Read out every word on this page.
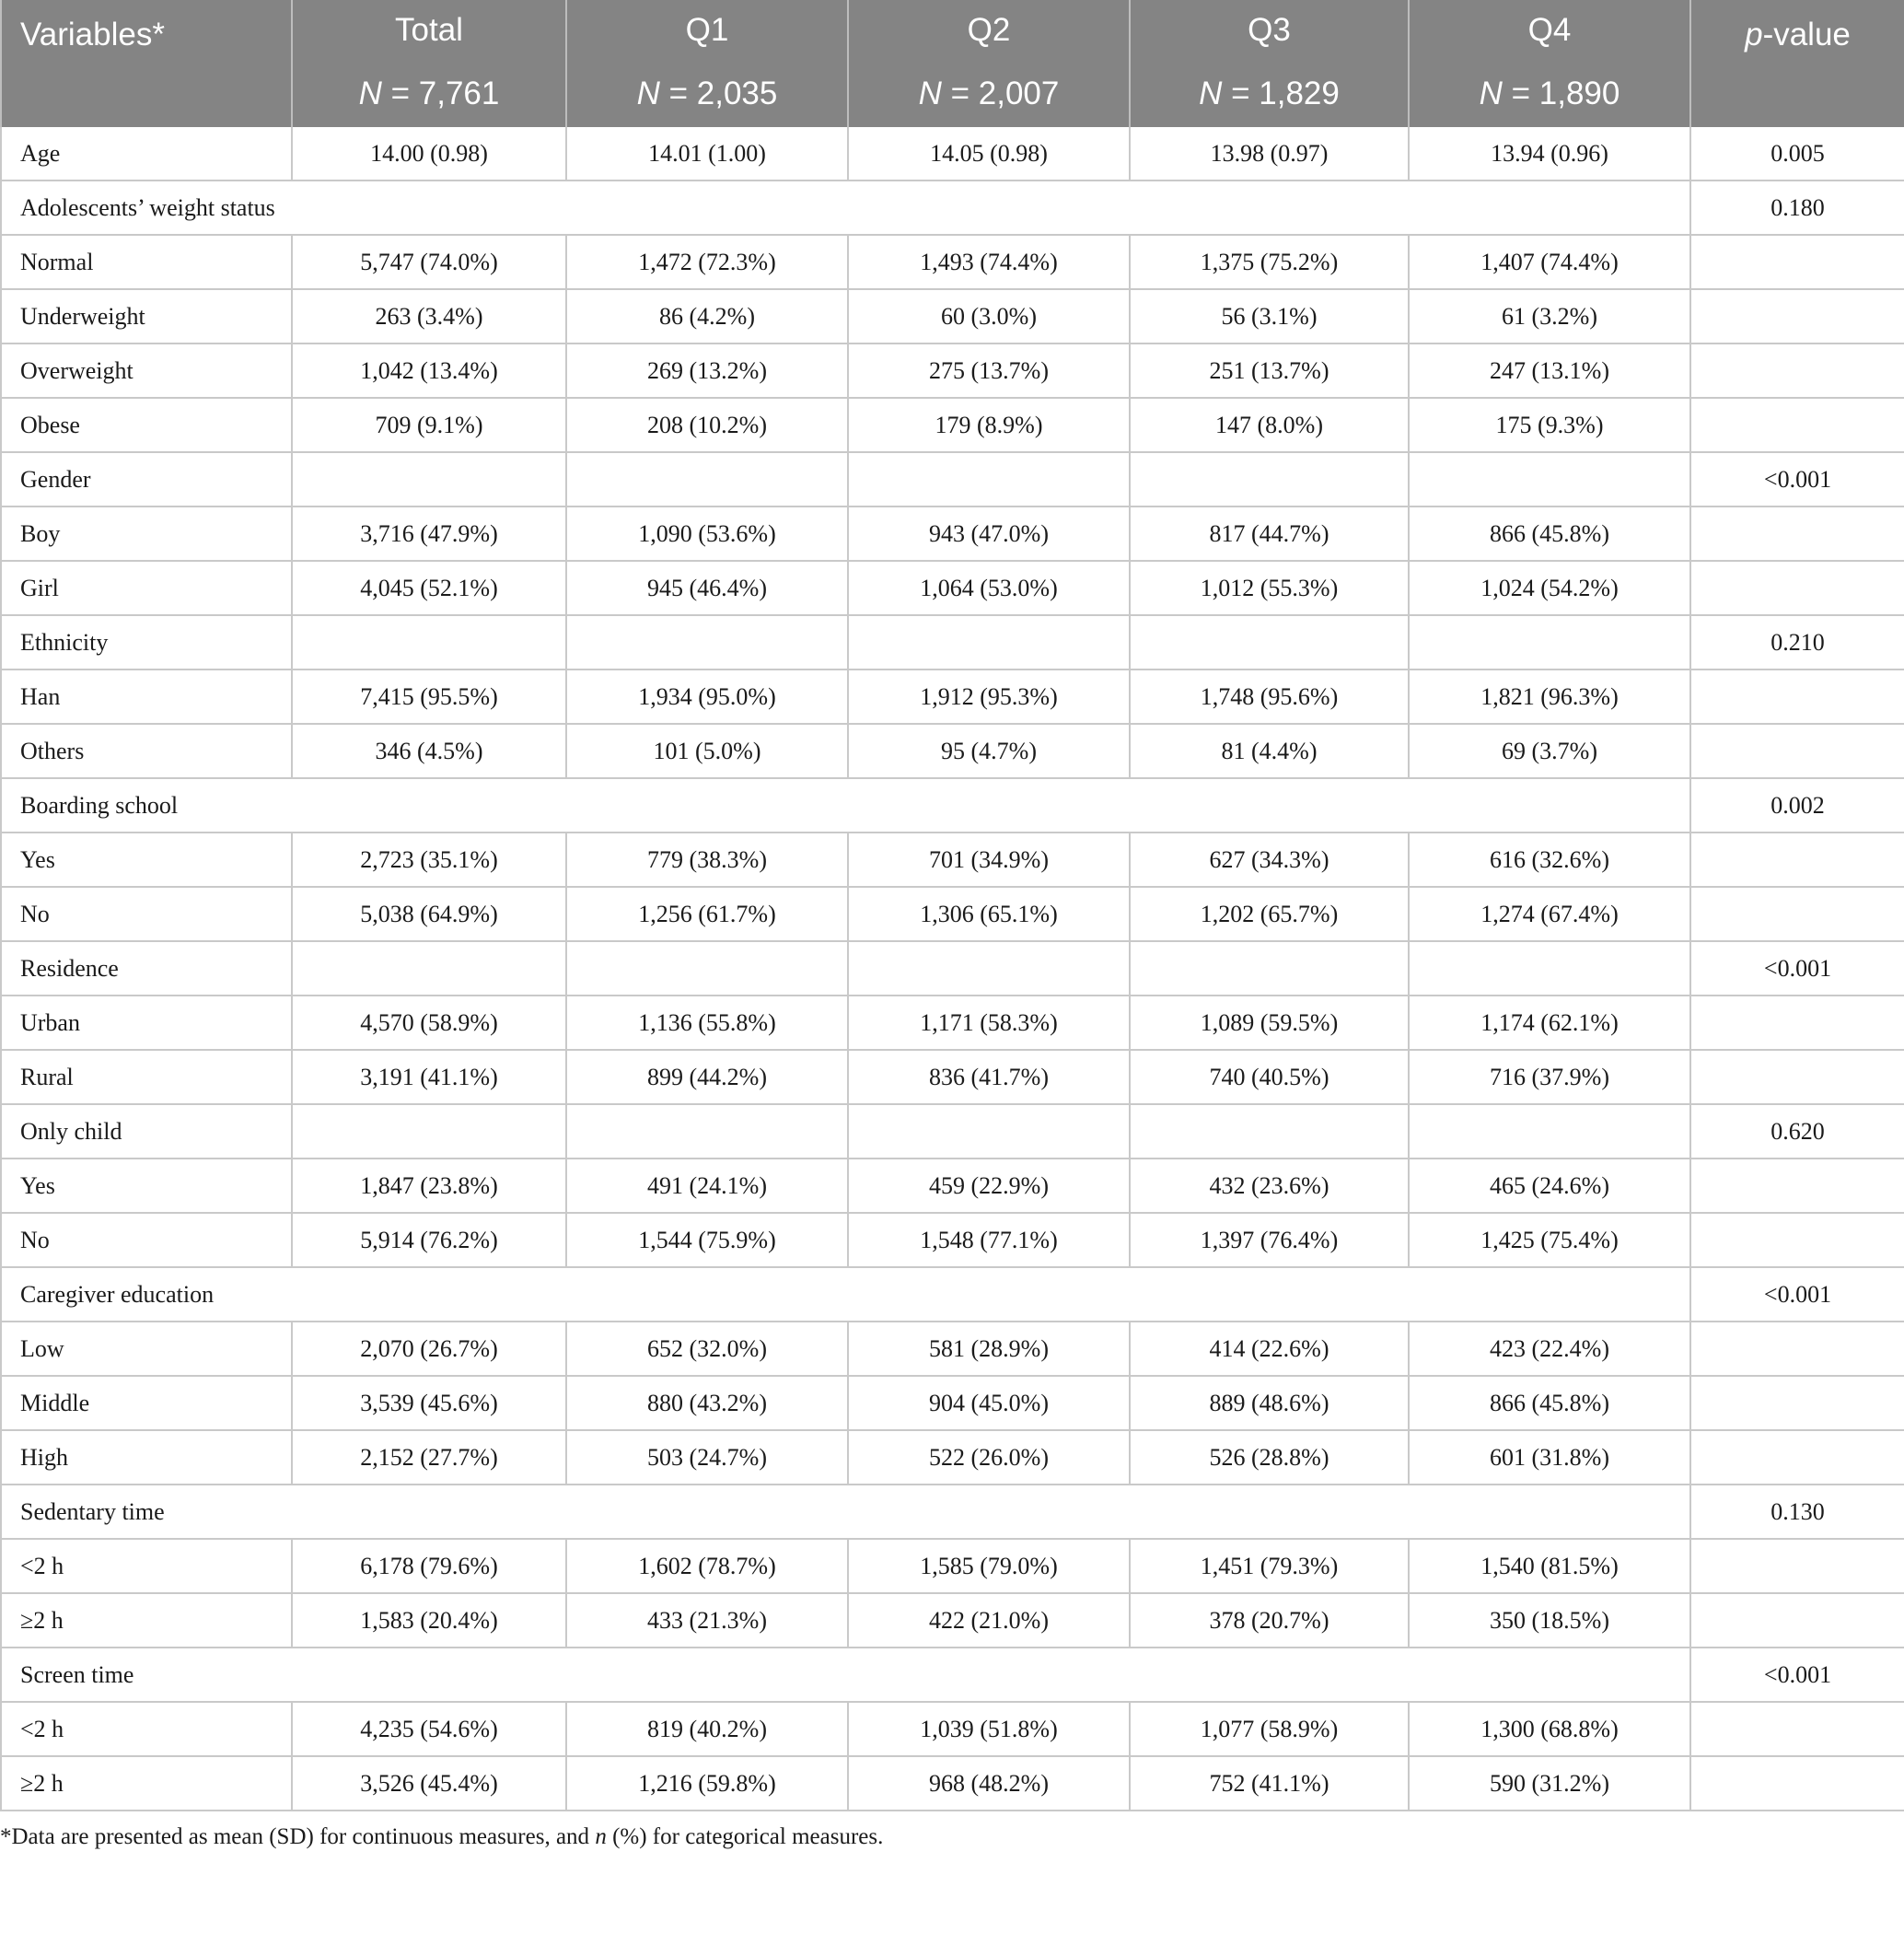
Variables*	Total	Q1	Q2	Q3	Q4	p-value
	N = 7,761	N = 2,035	N = 2,007	N = 1,829	N = 1,890	
Age	14.00 (0.98)	14.01 (1.00)	14.05 (0.98)	13.98 (0.97)	13.94 (0.96)	0.005
Adolescents’ weight status						0.180
Normal	5,747 (74.0%)	1,472 (72.3%)	1,493 (74.4%)	1,375 (75.2%)	1,407 (74.4%)	
Underweight	263 (3.4%)	86 (4.2%)	60 (3.0%)	56 (3.1%)	61 (3.2%)	
Overweight	1,042 (13.4%)	269 (13.2%)	275 (13.7%)	251 (13.7%)	247 (13.1%)	
Obese	709 (9.1%)	208 (10.2%)	179 (8.9%)	147 (8.0%)	175 (9.3%)	
Gender						<0.001
Boy	3,716 (47.9%)	1,090 (53.6%)	943 (47.0%)	817 (44.7%)	866 (45.8%)	
Girl	4,045 (52.1%)	945 (46.4%)	1,064 (53.0%)	1,012 (55.3%)	1,024 (54.2%)	
Ethnicity						0.210
Han	7,415 (95.5%)	1,934 (95.0%)	1,912 (95.3%)	1,748 (95.6%)	1,821 (96.3%)	
Others	346 (4.5%)	101 (5.0%)	95 (4.7%)	81 (4.4%)	69 (3.7%)	
Boarding school						0.002
Yes	2,723 (35.1%)	779 (38.3%)	701 (34.9%)	627 (34.3%)	616 (32.6%)	
No	5,038 (64.9%)	1,256 (61.7%)	1,306 (65.1%)	1,202 (65.7%)	1,274 (67.4%)	
Residence						<0.001
Urban	4,570 (58.9%)	1,136 (55.8%)	1,171 (58.3%)	1,089 (59.5%)	1,174 (62.1%)	
Rural	3,191 (41.1%)	899 (44.2%)	836 (41.7%)	740 (40.5%)	716 (37.9%)	
Only child						0.620
Yes	1,847 (23.8%)	491 (24.1%)	459 (22.9%)	432 (23.6%)	465 (24.6%)	
No	5,914 (76.2%)	1,544 (75.9%)	1,548 (77.1%)	1,397 (76.4%)	1,425 (75.4%)	
Caregiver education						<0.001
Low	2,070 (26.7%)	652 (32.0%)	581 (28.9%)	414 (22.6%)	423 (22.4%)	
Middle	3,539 (45.6%)	880 (43.2%)	904 (45.0%)	889 (48.6%)	866 (45.8%)	
High	2,152 (27.7%)	503 (24.7%)	522 (26.0%)	526 (28.8%)	601 (31.8%)	
Sedentary time						0.130
<2 h	6,178 (79.6%)	1,602 (78.7%)	1,585 (79.0%)	1,451 (79.3%)	1,540 (81.5%)	
≥2 h	1,583 (20.4%)	433 (21.3%)	422 (21.0%)	378 (20.7%)	350 (18.5%)	
Screen time						<0.001
<2 h	4,235 (54.6%)	819 (40.2%)	1,039 (51.8%)	1,077 (58.9%)	1,300 (68.8%)	
≥2 h	3,526 (45.4%)	1,216 (59.8%)	968 (48.2%)	752 (41.1%)	590 (31.2%)	

*Data are presented as mean (SD) for continuous measures, and n (%) for categorical measures.
